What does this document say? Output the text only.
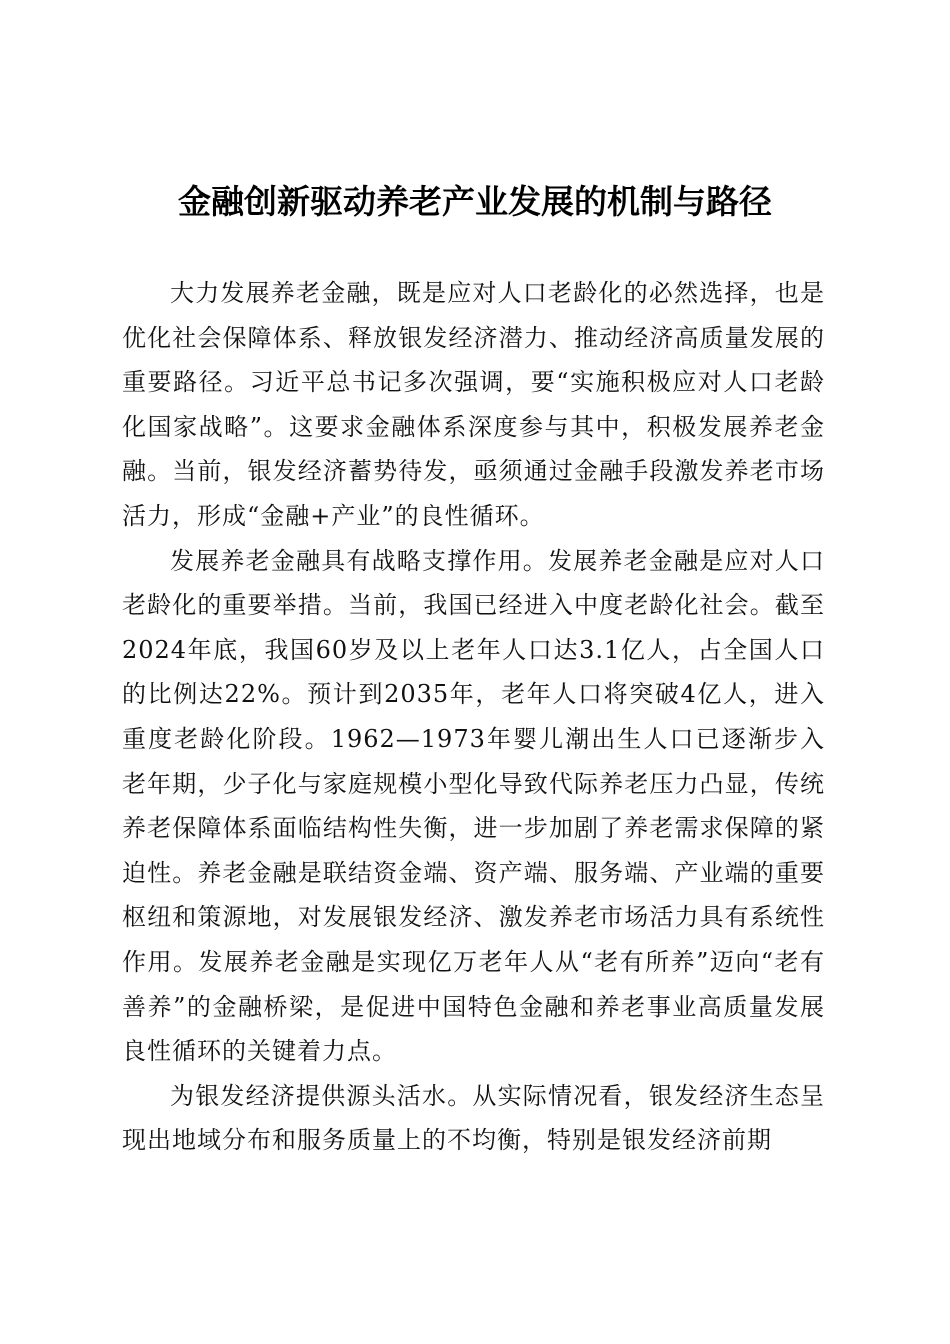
金融创新驱动养老产业发展的机制与路径

大力发展养老金融，既是应对人口老龄化的必然选择，也是优化社会保障体系、释放银发经济潜力、推动经济高质量发展的重要路径。习近平总书记多次强调，要“实施积极应对人口老龄化国家战略”。这要求金融体系深度参与其中，积极发展养老金融。当前，银发经济蓄势待发，亟须通过金融手段激发养老市场活力，形成“金融+产业”的良性循环。

发展养老金融具有战略支撑作用。发展养老金融是应对人口老龄化的重要举措。当前，我国已经进入中度老龄化社会。截至2024年底，我国60岁及以上老年人口达3.1亿人，占全国人口的比例达22%。预计到2035年，老年人口将突破4亿人，进入重度老龄化阶段。1962—1973年婴儿潮出生人口已逐渐步入老年期，少子化与家庭规模小型化导致代际养老压力凸显，传统养老保障体系面临结构性失衡，进一步加剧了养老需求保障的紧迫性。养老金融是联结资金端、资产端、服务端、产业端的重要枢纽和策源地，对发展银发经济、激发养老市场活力具有系统性作用。发展养老金融是实现亿万老年人从“老有所养”迈向“老有善养”的金融桥梁，是促进中国特色金融和养老事业高质量发展良性循环的关键着力点。

为银发经济提供源头活水。从实际情况看，银发经济生态呈现出地域分布和服务质量上的不均衡，特别是银发经济前期
